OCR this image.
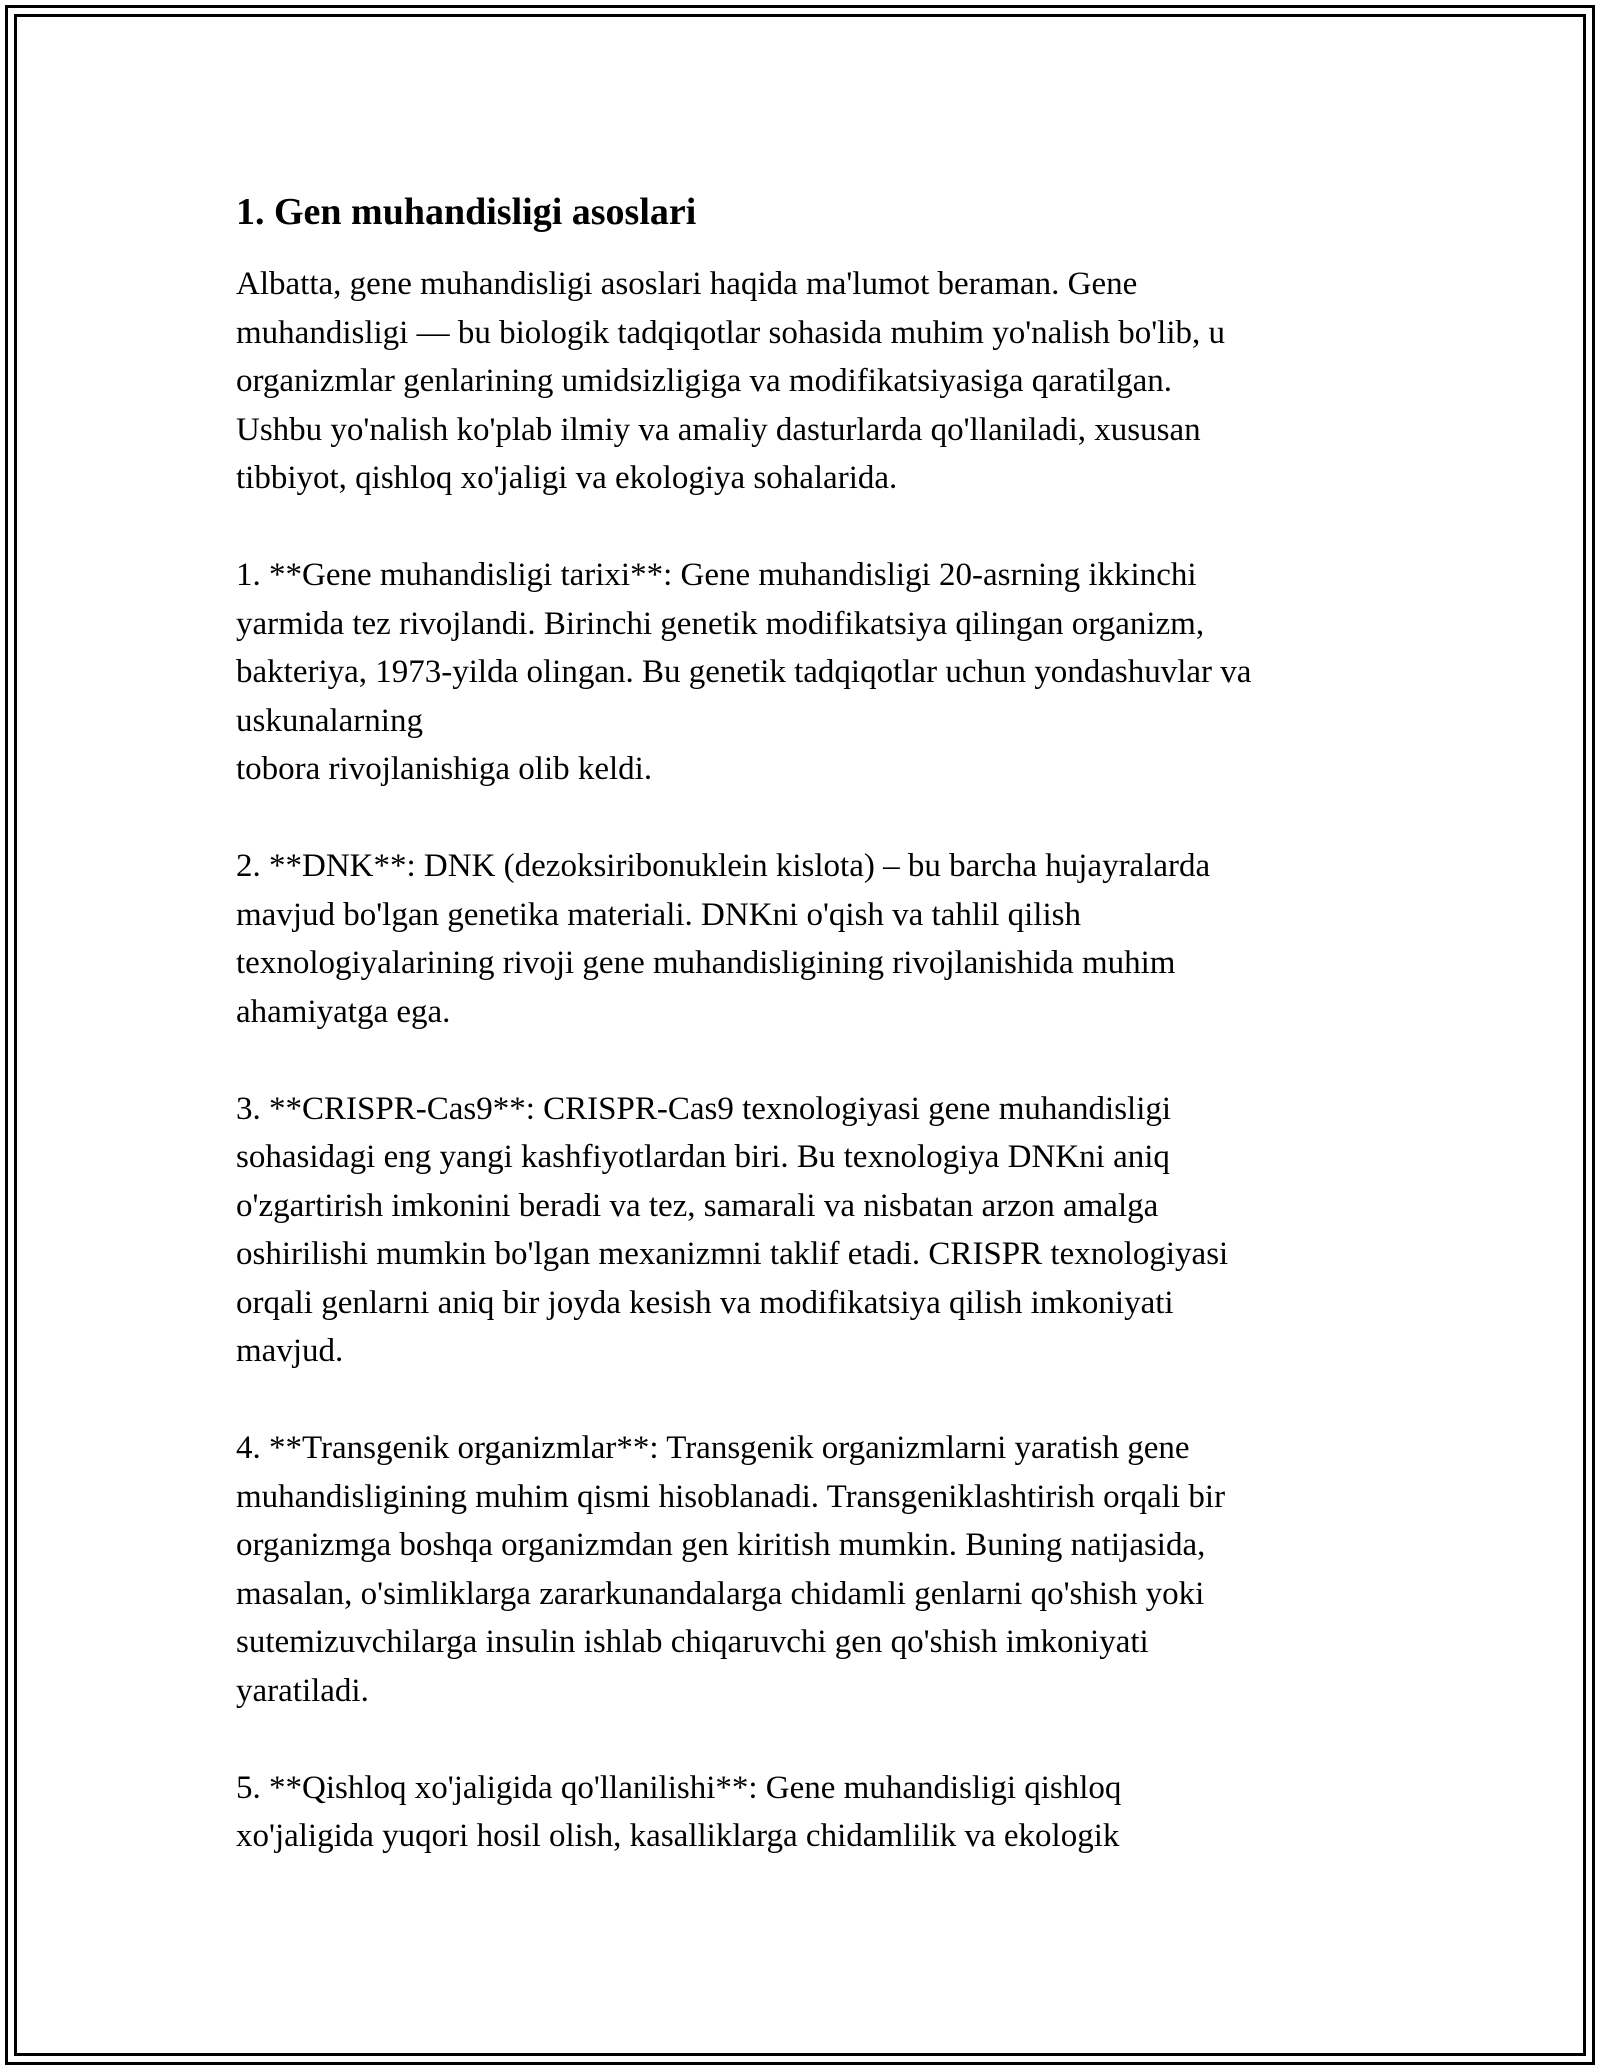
1. Gen muhandisligi asoslari
Albatta, gene muhandisligi asoslari haqida ma'lumot beraman. Gene
muhandisligi — bu biologik tadqiqotlar sohasida muhim yo'nalish bo'lib, u
organizmlar genlarining umidsizligiga va modifikatsiyasiga qaratilgan.
Ushbu yo'nalish ko'plab ilmiy va amaliy dasturlarda qo'llaniladi, xususan
tibbiyot, qishloq xo'jaligi va ekologiya sohalarida.
1. **Gene muhandisligi tarixi**: Gene muhandisligi 20-asrning ikkinchi
yarmida tez rivojlandi. Birinchi genetik modifikatsiya qilingan organizm,
bakteriya, 1973-yilda olingan. Bu genetik tadqiqotlar uchun yondashuvlar va
uskunalarning
tobora rivojlanishiga olib keldi.
2. **DNK**: DNK (dezoksiribonuklein kislota) – bu barcha hujayralarda
mavjud bo'lgan genetika materiali. DNKni o'qish va tahlil qilish
texnologiyalarining rivoji gene muhandisligining rivojlanishida muhim
ahamiyatga ega.
3. **CRISPR-Cas9**: CRISPR-Cas9 texnologiyasi gene muhandisligi
sohasidagi eng yangi kashfiyotlardan biri. Bu texnologiya DNKni aniq
o'zgartirish imkonini beradi va tez, samarali va nisbatan arzon amalga
oshirilishi mumkin bo'lgan mexanizmni taklif etadi. CRISPR texnologiyasi
orqali genlarni aniq bir joyda kesish va modifikatsiya qilish imkoniyati
mavjud.
4. **Transgenik organizmlar**: Transgenik organizmlarni yaratish gene
muhandisligining muhim qismi hisoblanadi. Transgeniklashtirish orqali bir
organizmga boshqa organizmdan gen kiritish mumkin. Buning natijasida,
masalan, o'simliklarga zararkunandalarga chidamli genlarni qo'shish yoki
sutemizuvchilarga insulin ishlab chiqaruvchi gen qo'shish imkoniyati
yaratiladi.
5. **Qishloq xo'jaligida qo'llanilishi**: Gene muhandisligi qishloq
xo'jaligida yuqori hosil olish, kasalliklarga chidamlilik va ekologik
